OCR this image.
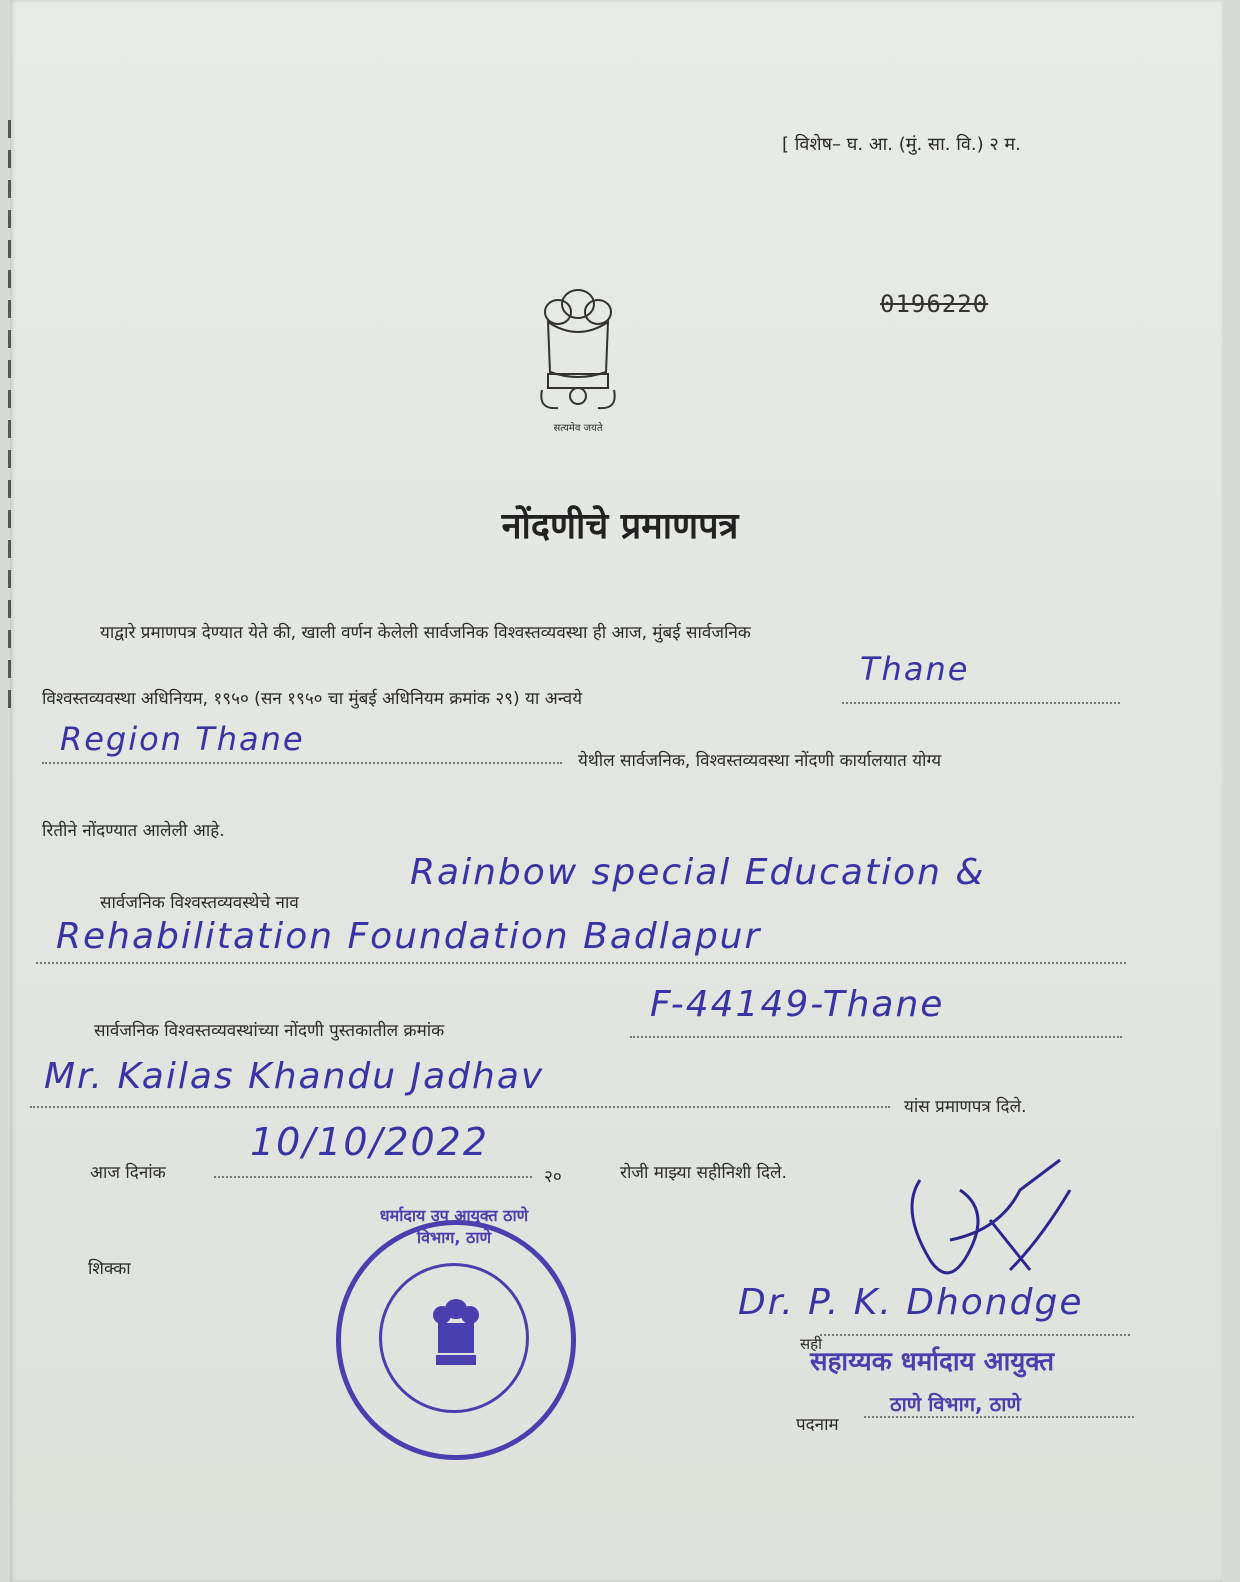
[ विशेष– घ. आ. (मुं. सा. वि.) २ म.
0196220
सत्यमेव जयते
नोंदणीचे प्रमाणपत्र
याद्वारे प्रमाणपत्र देण्यात येते की, खाली वर्णन केलेली सार्वजनिक विश्वस्तव्यवस्था ही आज, मुंबई सार्वजनिक
विश्वस्तव्यवस्था अधिनियम, १९५० (सन १९५० चा मुंबई अधिनियम क्रमांक २९) या अन्वये
Thane
Region Thane
येथील सार्वजनिक, विश्वस्तव्यवस्था नोंदणी कार्यालयात योग्य
रितीने नोंदण्यात आलेली आहे.
सार्वजनिक विश्वस्तव्यवस्थेचे नाव
Rainbow special Education &
Rehabilitation Foundation Badlapur
सार्वजनिक विश्वस्तव्यवस्थांच्या नोंदणी पुस्तकातील क्रमांक
F-44149-Thane
Mr. Kailas Khandu Jadhav
यांस प्रमाणपत्र दिले.
आज दिनांक
10/10/2022
२०	रोजी माझ्या सहीनिशी दिले.
शिक्का
धर्मादाय उप आयुक्त ठाणे विभाग, ठाणे
Dr. P. K. Dhondge
सही
सहाय्यक धर्मादाय आयुक्त
पदनाम
ठाणे विभाग, ठाणे
